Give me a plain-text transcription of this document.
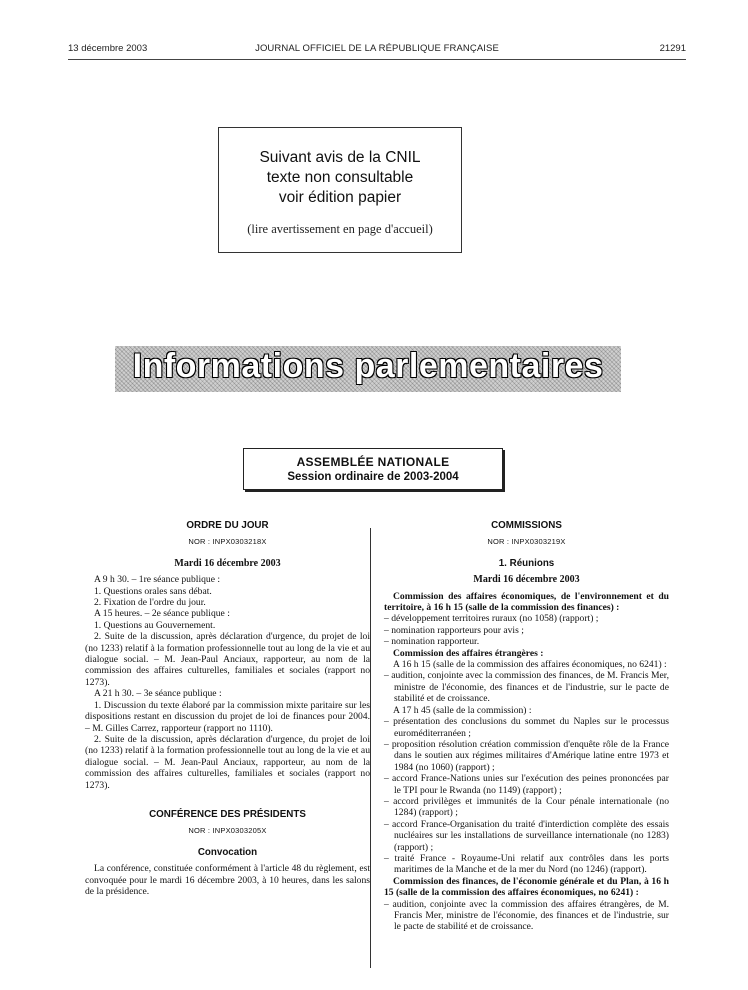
13 décembre 2003	JOURNAL OFFICIEL DE LA RÉPUBLIQUE FRANÇAISE	21291
Suivant avis de la CNIL
texte non consultable
voir édition papier
(lire avertissement en page d'accueil)
Informations parlementaires
ASSEMBLÉE NATIONALE
Session ordinaire de 2003-2004
ORDRE DU JOUR
NOR : INPX0303218X
Mardi 16 décembre 2003

A 9 h 30. – 1re séance publique :

1. Questions orales sans débat.

2. Fixation de l'ordre du jour.

A 15 heures. – 2e séance publique :

1. Questions au Gouvernement.

2. Suite de la discussion, après déclaration d'urgence, du projet de loi (no 1233) relatif à la formation professionnelle tout au long de la vie et au dialogue social. – M. Jean-Paul Anciaux, rapporteur, au nom de la commission des affaires culturelles, familiales et sociales (rapport no 1273).

A 21 h 30. – 3e séance publique :

1. Discussion du texte élaboré par la commission mixte paritaire sur les dispositions restant en discussion du projet de loi de finances pour 2004. – M. Gilles Carrez, rapporteur (rapport no 1110).

2. Suite de la discussion, après déclaration d'urgence, du projet de loi (no 1233) relatif à la formation professionnelle tout au long de la vie et au dialogue social. – M. Jean-Paul Anciaux, rapporteur, au nom de la commission des affaires culturelles, familiales et sociales (rapport no 1273).

CONFÉRENCE DES PRÉSIDENTS
NOR : INPX0303205X
Convocation

La conférence, constituée conformément à l'article 48 du règlement, est convoquée pour le mardi 16 décembre 2003, à 10 heures, dans les salons de la présidence.

COMMISSIONS
NOR : INPX0303219X
1. Réunions
Mardi 16 décembre 2003

Commission des affaires économiques, de l'environnement et du territoire, à 16 h 15 (salle de la commission des finances) :

– développement territoires ruraux (no 1058) (rapport) ;

– nomination rapporteurs pour avis ;

– nomination rapporteur.

Commission des affaires étrangères :

A 16 h 15 (salle de la commission des affaires économiques, no 6241) :

– audition, conjointe avec la commission des finances, de M. Francis Mer, ministre de l'économie, des finances et de l'industrie, sur le pacte de stabilité et de croissance.

A 17 h 45 (salle de la commission) :

– présentation des conclusions du sommet du Naples sur le processus euroméditerranéen ;

– proposition résolution création commission d'enquête rôle de la France dans le soutien aux régimes militaires d'Amérique latine entre 1973 et 1984 (no 1060) (rapport) ;

– accord France-Nations unies sur l'exécution des peines prononcées par le TPI pour le Rwanda (no 1149) (rapport) ;

– accord privilèges et immunités de la Cour pénale internationale (no 1284) (rapport) ;

– accord France-Organisation du traité d'interdiction complète des essais nucléaires sur les installations de surveillance internationale (no 1283) (rapport) ;

– traité France - Royaume-Uni relatif aux contrôles dans les ports maritimes de la Manche et de la mer du Nord (no 1246) (rapport).

Commission des finances, de l'économie générale et du Plan, à 16 h 15 (salle de la commission des affaires économiques, no 6241) :

– audition, conjointe avec la commission des affaires étrangères, de M. Francis Mer, ministre de l'économie, des finances et de l'industrie, sur le pacte de stabilité et de croissance.
